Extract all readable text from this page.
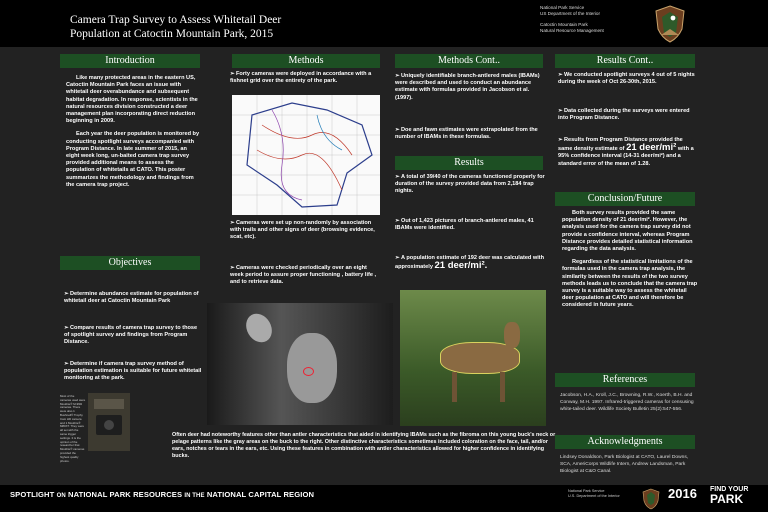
Camera Trap Survey to Assess Whitetail Deer
Population at Catoctin Mountain Park, 2015
National Park Service
US Department of the Interior
Catoctin Mountain Park
Natural Resource Management
Introduction

Like many protected areas in the eastern US, Catoctin Mountain Park faces an issue with whitetail deer overabundance and subsequent habitat degradation. In response, scientists in the natural resources division constructed a deer management plan incorporating direct reduction beginning in 2009.

Each year the deer population is monitored by conducting spotlight surveys accompanied with Program Distance. In late summer of 2015, an eight week long, un-baited camera trap survey provided additional means to assess the population of whitetails at CATO. This poster summarizes the methodology and findings from the camera trap project.

Objectives
➢Determine abundance estimate for population of whitetail deer at Catoctin Mountain Park
➢Compare results of camera trap survey to those of spotlight survey and findings from Program Distance.
➢Determine if camera trap survey method of population estimation is suitable for future whitetail monitoring at the park.
Most of the cameras used were Moultrie® M-990i cameras. There were also 1 Bushnell® Trophy Cam HD camera and 1 Moultrie® M80XT. They were all set with the same trigger settings. It is the opinion of the researcher that Moultrie® cameras provided the highest quality photos.
Methods
➢Forty cameras were deployed in accordance with a fishnet grid over the entirety of the park.
➢Cameras were set up non-randomly by association with trails and other signs of deer (browsing evidence, scat, etc).
➢Cameras were checked periodically over an eight week period to assure proper functioning , battery life , and to retrieve data.
Methods Cont..
➢Uniquely identifiable branch-antlered males (IBAMs) were described and used to conduct an abundance estimate with formulas provided in Jacobson et al. (1997).
➢Doe and fawn estimates were extrapolated from the number of IBAMs in these formulas.
Results
➢A total of 39/40 of the cameras functioned properly for duration of the survey provided data from 2,184 trap nights.
➢Out of 1,423 pictures of branch-antlered males, 41 IBAMs were identified.
➢A population estimate of 192 deer was calculated with approximately 21 deer/mi².
Often deer had noteworthy features other than antler characteristics that aided in identifying IBAMs such as the fibroma on this young buck's neck or pelage patterns like the gray areas on the buck to the right. Other distinctive characteristics sometimes included coloration on the face, tail, and/or ears, notches or tears in the ears, etc. Using these features in combination with antler characteristics allowed for higher confidence in identifying bucks.
Results Cont..
➢We conducted spotlight surveys 4 out of 5 nights during the week of Oct 26-30th, 2015.
➢Data collected during the surveys were entered into Program Distance.
➢Results from Program Distance provided the same density estimate of 21 deer/mi² with a 95% confidence interval (14-31 deer/mi²) and a standard error of the mean of 1.28.
Conclusion/Future

Both survey results provided the same population density of 21 deer/mi². However, the analysis used for the camera trap survey did not provide a confidence interval, whereas Program Distance provides detailed statistical information regarding the data analysis.

Regardless of the statistical limitations of the formulas used in the camera trap analysis, the similarity between the results of the two survey methods leads us to conclude that the camera trap survey is a suitable way to assess the whitetail deer population at CATO and will therefore be considered in future years.

References
Jacobson, H.A., Kroll, J.C., Browning, R.W., Koerth, B.H. and Conway, M.H. 1997. Infrared-triggered cameras for censusing white-tailed deer. Wildlife Society Bulletin 25(2):547-556.
Acknowledgments
Lindsey Donaldson, Park Biologist at CATO, Laurel Downs, SCA, AmeriCorps Wildlife Intern, Andrew Landsman, Park Biologist at C&O Canal.
SPOTLIGHT ON NATIONAL PARK RESOURCES IN THE NATIONAL CAPITAL REGION	National Park Service
U.S. Department of the Interior	2016 FIND YOUR
PARK
